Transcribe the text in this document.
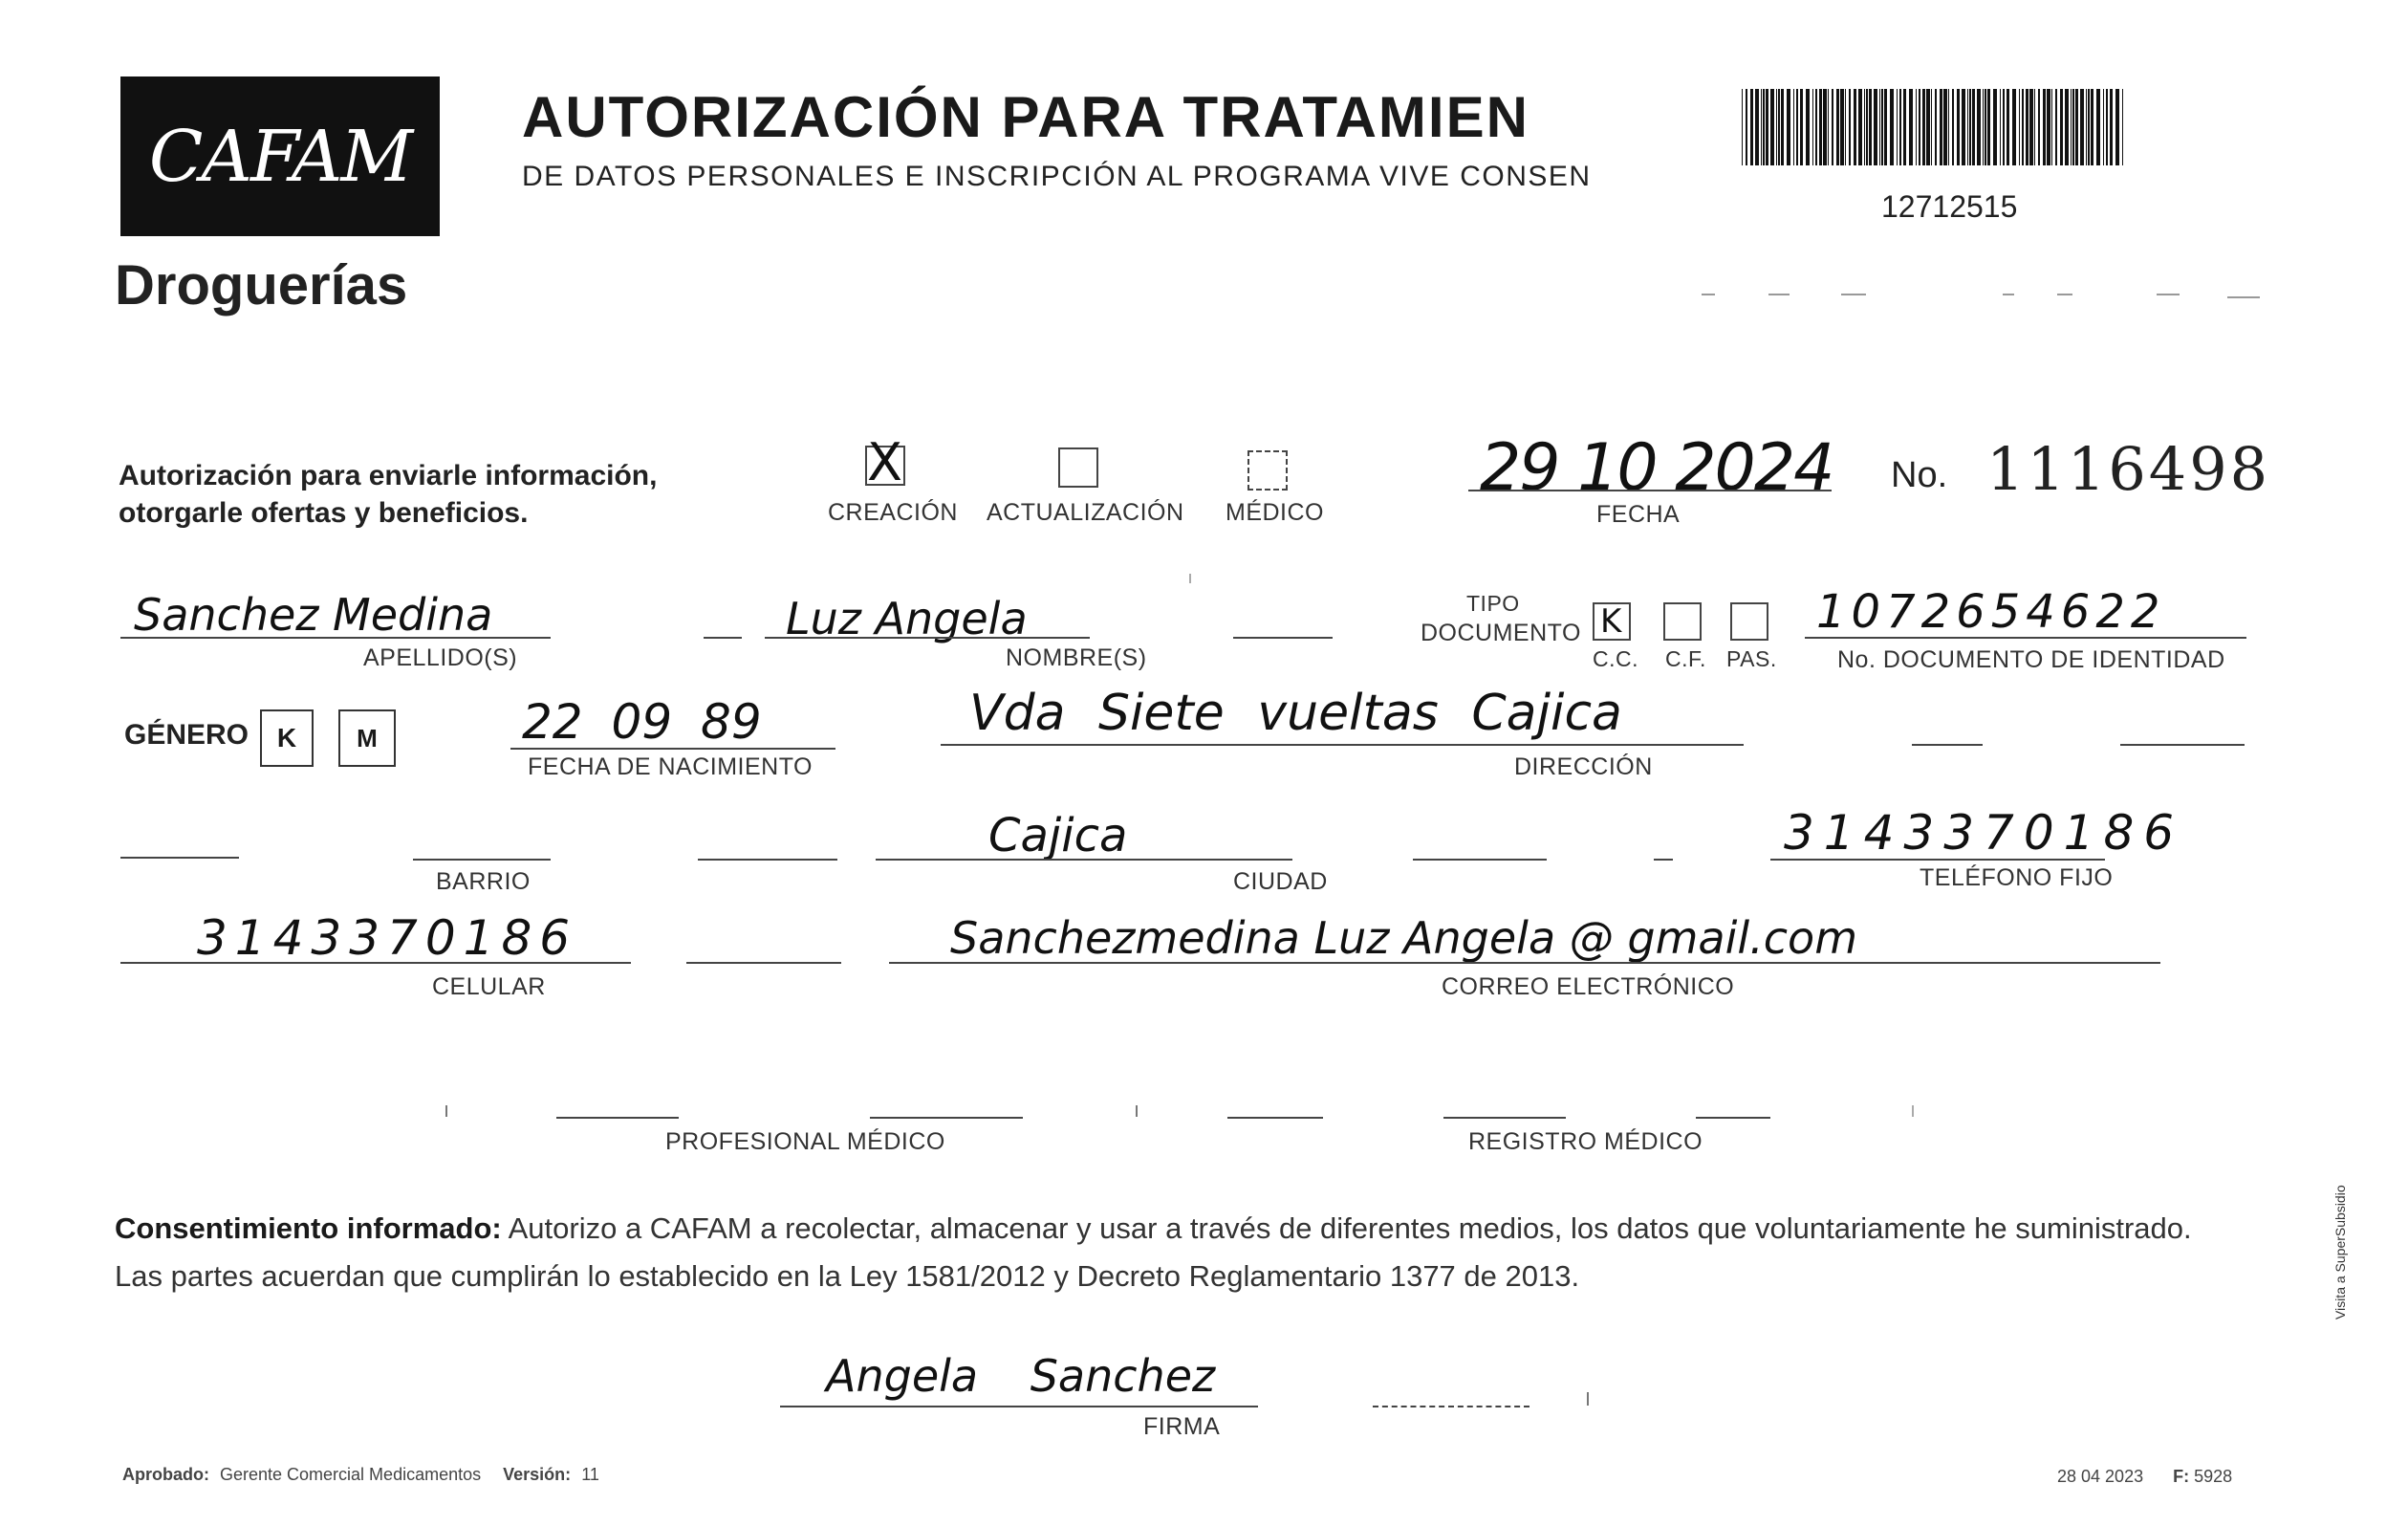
CAFAM
Droguerías
AUTORIZACIÓN PARA TRATAMIEN
DE DATOS PERSONALES E INSCRIPCIÓN AL PROGRAMA VIVE CONSEN
12712515
Autorización para enviarle información,
otorgarle ofertas y beneficios.
X
CREACIÓN ACTUALIZACIÓN MÉDICO
29 10 2024
FECHA
No. 1116498
Sanchez Medina
APELLIDO(S)
Luz Angela
NOMBRE(S)
TIPO
DOCUMENTO K
C.C. C.F. PAS.
1072654622
No. DOCUMENTO DE IDENTIDAD
GÉNERO K M	22 09 89
FECHA DE NACIMIENTO
Vda Siete vueltas Cajica
DIRECCIÓN
BARRIO
Cajica
CIUDAD
3143370186
TELÉFONO FIJO
3143370186
CELULAR
Sanchezmedina Luz Angela @ gmail.com
CORREO ELECTRÓNICO
PROFESIONAL MÉDICO	REGISTRO MÉDICO
Consentimiento informado: Autorizo a CAFAM a recolectar, almacenar y usar a través de diferentes medios, los datos que voluntariamente he suministrado.
Las partes acuerdan que cumplirán lo establecido en la Ley 1581/2012 y Decreto Reglamentario 1377 de 2013.
Angela Sanchez
FIRMA
Visita a SuperSubsidio
Aprobado: Gerente Comercial Medicamentos Versión: 11	28 04 2023 F: 5928
